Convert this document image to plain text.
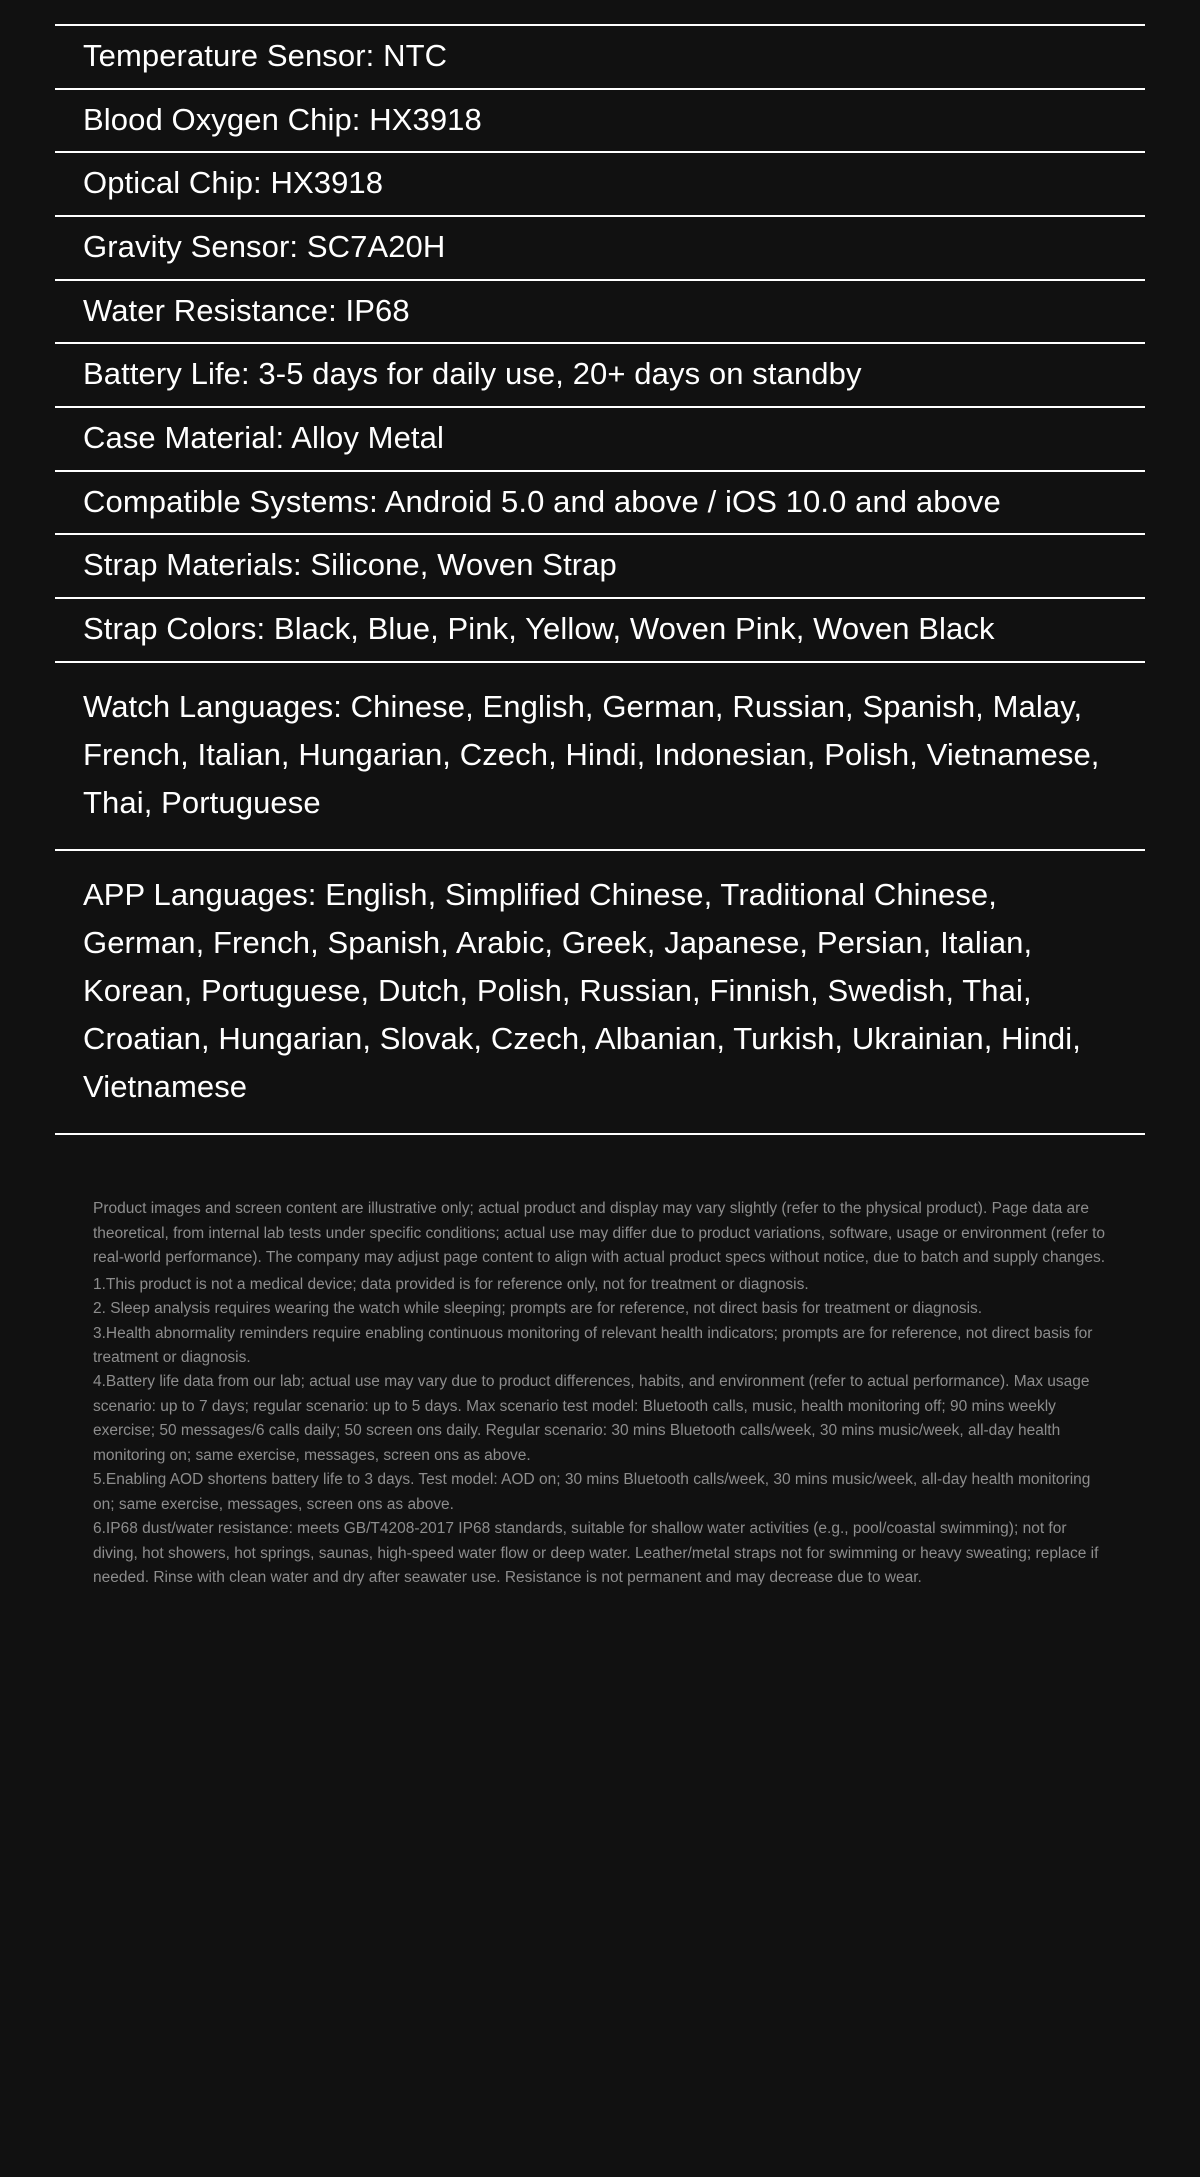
Temperature Sensor: NTC
Blood Oxygen Chip: HX3918
Optical Chip: HX3918
Gravity Sensor: SC7A20H
Water Resistance: IP68
Battery Life: 3-5 days for daily use, 20+ days on standby
Case Material: Alloy Metal
Compatible Systems: Android 5.0 and above / iOS 10.0 and above
Strap Materials: Silicone, Woven Strap
Strap Colors: Black, Blue, Pink, Yellow, Woven Pink, Woven Black
Watch Languages: Chinese, English, German, Russian, Spanish, Malay, French, Italian, Hungarian, Czech, Hindi, Indonesian, Polish, Vietnamese, Thai, Portuguese
APP Languages: English, Simplified Chinese, Traditional Chinese, German, French, Spanish, Arabic, Greek, Japanese, Persian, Italian, Korean, Portuguese, Dutch, Polish, Russian, Finnish, Swedish, Thai, Croatian, Hungarian, Slovak, Czech, Albanian, Turkish, Ukrainian, Hindi, Vietnamese

Product images and screen content are illustrative only; actual product and display may vary slightly (refer to the physical product). Page data are theoretical, from internal lab tests under specific conditions; actual use may differ due to product variations, software, usage or environment (refer to real-world performance). The company may adjust page content to align with actual product specs without notice, due to batch and supply changes.

1.This product is not a medical device; data provided is for reference only, not for treatment or diagnosis.

2. Sleep analysis requires wearing the watch while sleeping; prompts are for reference, not direct basis for treatment or diagnosis.

3.Health abnormality reminders require enabling continuous monitoring of relevant health indicators; prompts are for reference, not direct basis for treatment or diagnosis.

4.Battery life data from our lab; actual use may vary due to product differences, habits, and environment (refer to actual performance). Max usage scenario: up to 7 days; regular scenario: up to 5 days. Max scenario test model: Bluetooth calls, music, health monitoring off; 90 mins weekly exercise; 50 messages/6 calls daily; 50 screen ons daily. Regular scenario: 30 mins Bluetooth calls/week, 30 mins music/week, all-day health monitoring on; same exercise, messages, screen ons as above.

5.Enabling AOD shortens battery life to 3 days. Test model: AOD on; 30 mins Bluetooth calls/week, 30 mins music/week, all-day health monitoring on; same exercise, messages, screen ons as above.

6.IP68 dust/water resistance: meets GB/T4208-2017 IP68 standards, suitable for shallow water activities (e.g., pool/coastal swimming); not for diving, hot showers, hot springs, saunas, high-speed water flow or deep water. Leather/metal straps not for swimming or heavy sweating; replace if needed. Rinse with clean water and dry after seawater use. Resistance is not permanent and may decrease due to wear.
